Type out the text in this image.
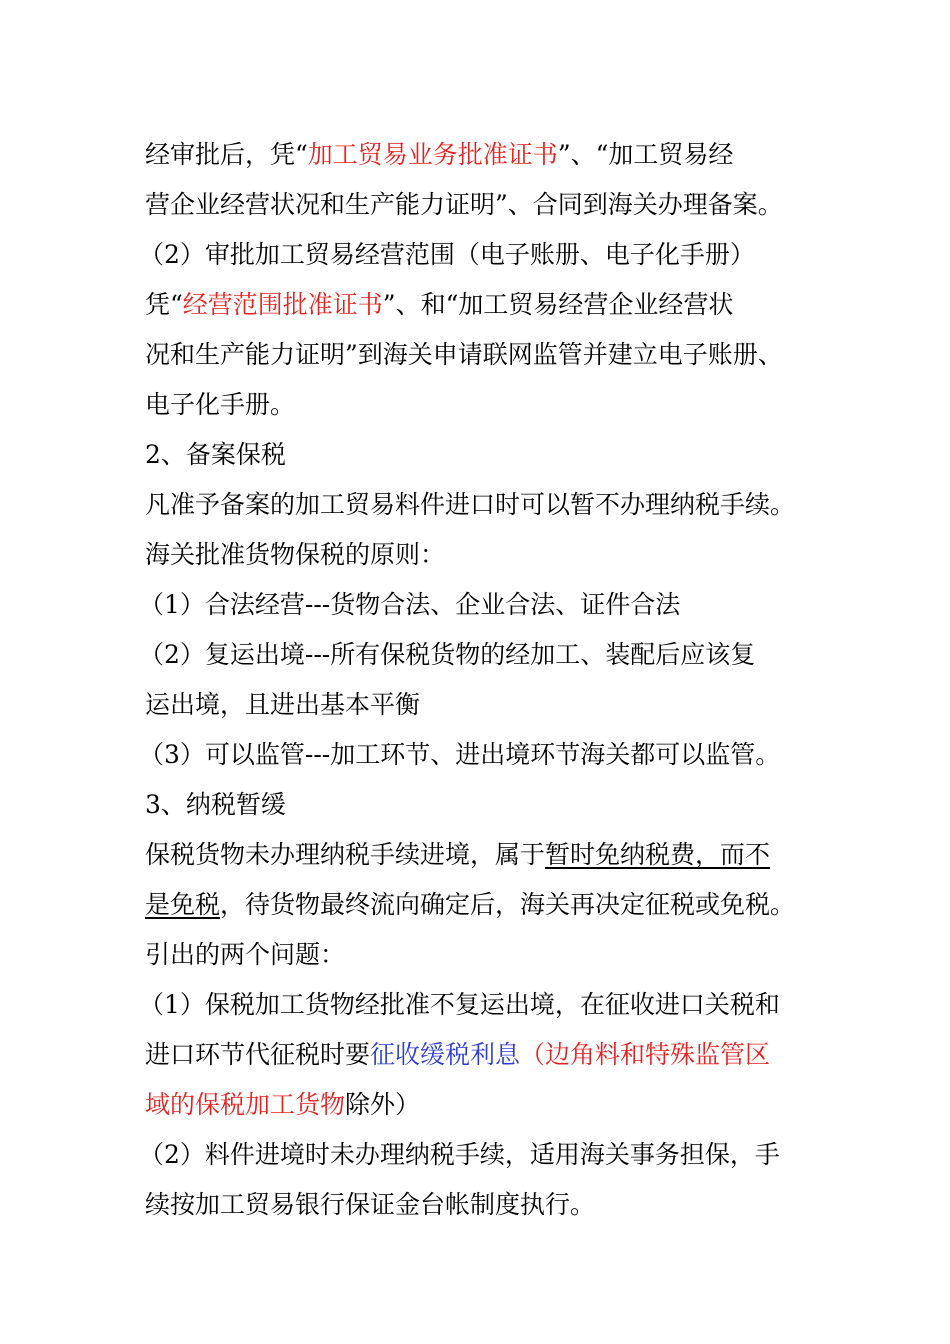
经审批后，凭“加工贸易业务批准证书”、“加工贸易经
营企业经营状况和生产能力证明”、合同到海关办理备案。
（2）审批加工贸易经营范围（电子账册、电子化手册）
凭“经营范围批准证书”、和“加工贸易经营企业经营状
况和生产能力证明”到海关申请联网监管并建立电子账册、
电子化手册。
2、备案保税
凡准予备案的加工贸易料件进口时可以暂不办理纳税手续。
海关批准货物保税的原则：
（1）合法经营---货物合法、企业合法、证件合法
（2）复运出境---所有保税货物的经加工、装配后应该复
运出境，且进出基本平衡
（3）可以监管---加工环节、进出境环节海关都可以监管。
3、纳税暂缓
保税货物未办理纳税手续进境，属于暂时免纳税费，而不
是免税，待货物最终流向确定后，海关再决定征税或免税。
引出的两个问题：
（1）保税加工货物经批准不复运出境，在征收进口关税和
进口环节代征税时要征收缓税利息（边角料和特殊监管区
域的保税加工货物除外）
（2）料件进境时未办理纳税手续，适用海关事务担保，手
续按加工贸易银行保证金台帐制度执行。
